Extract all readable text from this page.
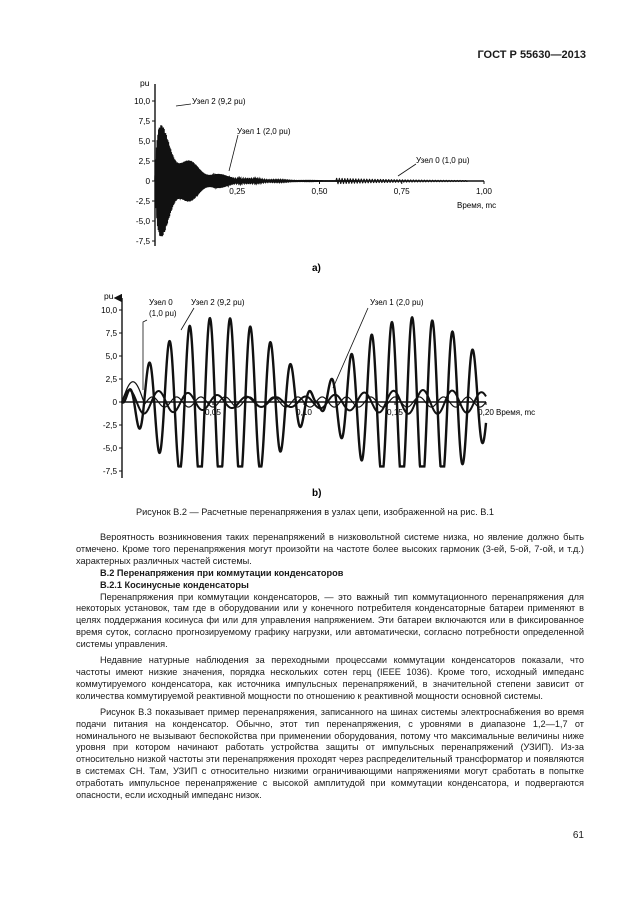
ГОСТ Р 55630—2013
pu
10,0
7,5
5,0
2,5
0
-2,5
-5,0
-7,5
0,25	0,50	0,75	1,00
Время, mс
Узел 2 (9,2 pu)
Узел 1 (2,0 pu)
Узел 0 (1,0 pu)
a)
pu
10,0
7,5
5,0
2,5
0
-2,5
-5,0
-7,5
0,05	0,10	0,15	0,20 Время, mс
Узел 0
(1,0 pu)
Узел 2 (9,2 pu)	Узел 1 (2,0 pu)
b)
Рисунок В.2 — Расчетные перенапряжения в узлах цепи, изображенной на рис. В.1

Вероятность возникновения таких перенапряжений в низковольтной системе низка, но явление должно быть отмечено. Кроме того перенапряжения могут произойти на частоте более высоких гармоник (3-ей, 5-ой, 7-ой, и т.д.) характерных различных частей системы.

В.2 Перенапряжения при коммутации конденсаторов
В.2.1 Косинусные конденсаторы

Перенапряжения при коммутации конденсаторов, — это важный тип коммутационного перенапряжения для некоторых установок, там где в оборудовании или у конечного потребителя конденсаторные батареи применяют в целях поддержания косинуса фи или для управления напряжением. Эти батареи включаются или в фиксированное время суток, согласно прогнозируемому графику нагрузки, или автоматически, согласно потребности определенной системы управления.

Недавние натурные наблюдения за переходными процессами коммутации конденсаторов показали, что частоты имеют низкие значения, порядка нескольких сотен герц (IEEE 1036). Кроме того, исходный импеданс коммутируемого конденсатора, как источника импульсных перенапряжений, в значительной степени зависит от количества коммутируемой реактивной мощности по отношению к реактивной мощности основной системы.

Рисунок В.3 показывает пример перенапряжения, записанного на шинах системы электроснабжения во время подачи питания на конденсатор. Обычно, этот тип перенапряжения, с уровнями в диапазоне 1,2—1,7 от номинального не вызывают беспокойства при применении оборудования, потому что максимальные величины ниже уровня при котором начинают работать устройства защиты от импульсных перенапряжений (УЗИП). Из-за относительно низкой частоты эти перенапряжения проходят через распределительный трансформатор и появляются в системах СН. Там, УЗИП с относительно низкими ограничивающими напряжениями могут сработать в попытке отработать импульсное перенапряжение с высокой амплитудой при коммутации конденсатора, и подвергаются опасности, если исходный импеданс низок.

61
